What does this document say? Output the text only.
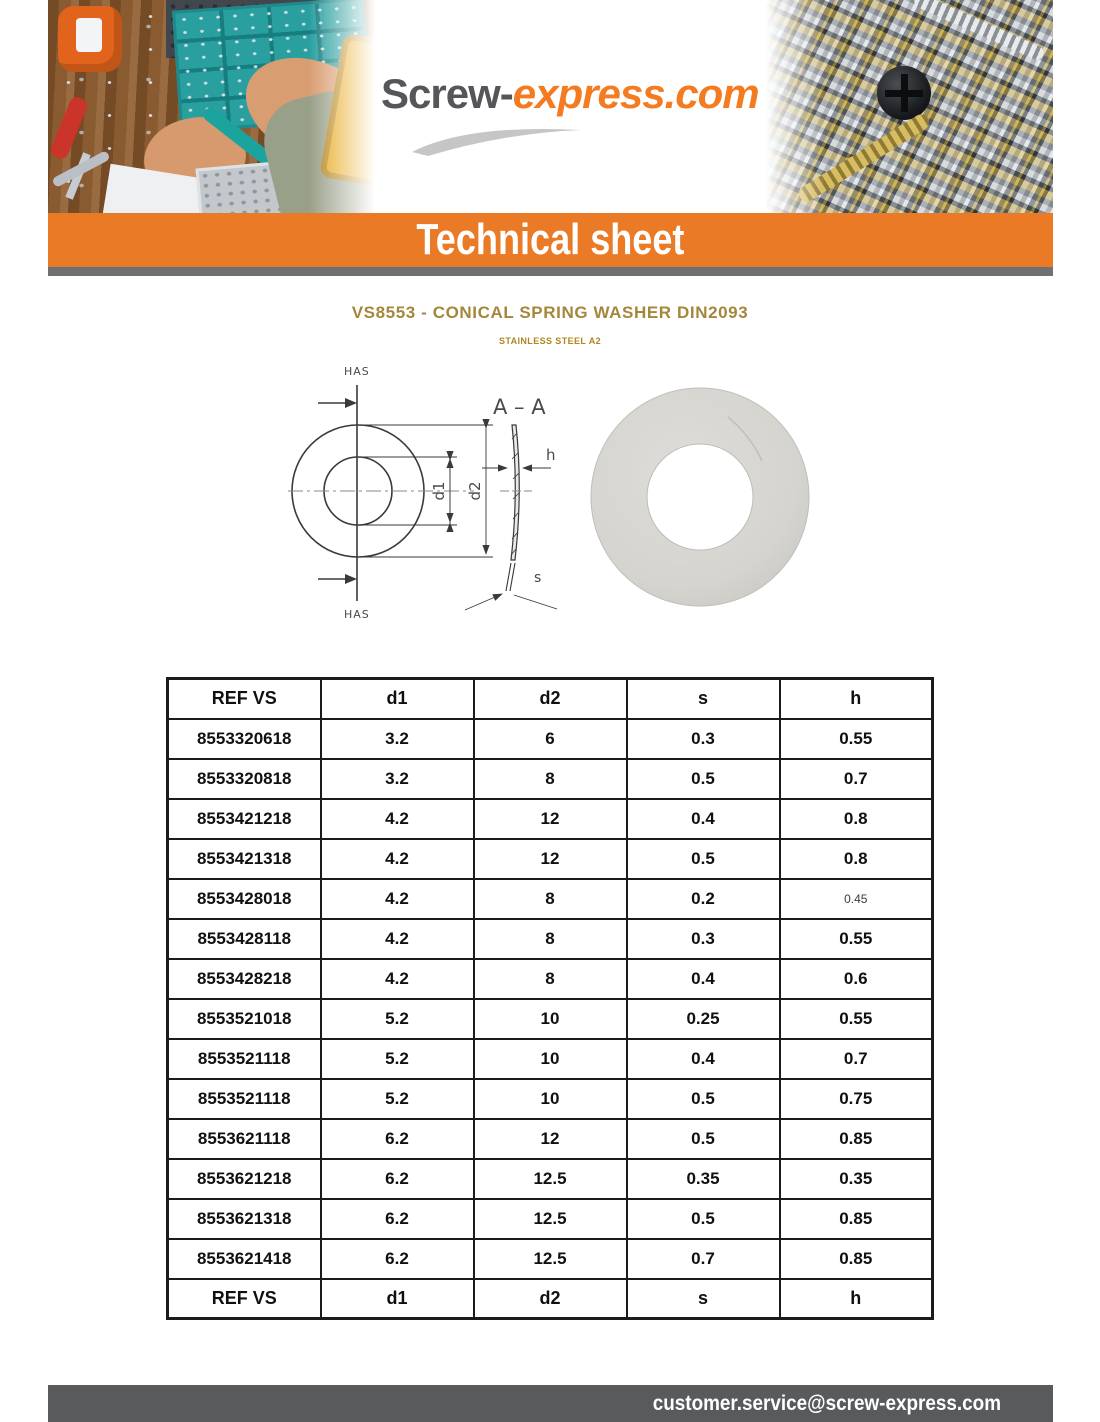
Screw-express.com
Technical sheet
VS8553 - CONICAL SPRING WASHER DIN2093
STAINLESS STEEL A2
HAS
HAS
d1 d2
A – A
h
s
REF VS	d1	d2	s	h
8553320618	3.2	6	0.3	0.55
8553320818	3.2	8	0.5	0.7
8553421218	4.2	12	0.4	0.8
8553421318	4.2	12	0.5	0.8
8553428018	4.2	8	0.2	0.45
8553428118	4.2	8	0.3	0.55
8553428218	4.2	8	0.4	0.6
8553521018	5.2	10	0.25	0.55
8553521118	5.2	10	0.4	0.7
8553521118	5.2	10	0.5	0.75
8553621118	6.2	12	0.5	0.85
8553621218	6.2	12.5	0.35	0.35
8553621318	6.2	12.5	0.5	0.85
8553621418	6.2	12.5	0.7	0.85
REF VS	d1	d2	s	h
customer.service@screw-express.com
